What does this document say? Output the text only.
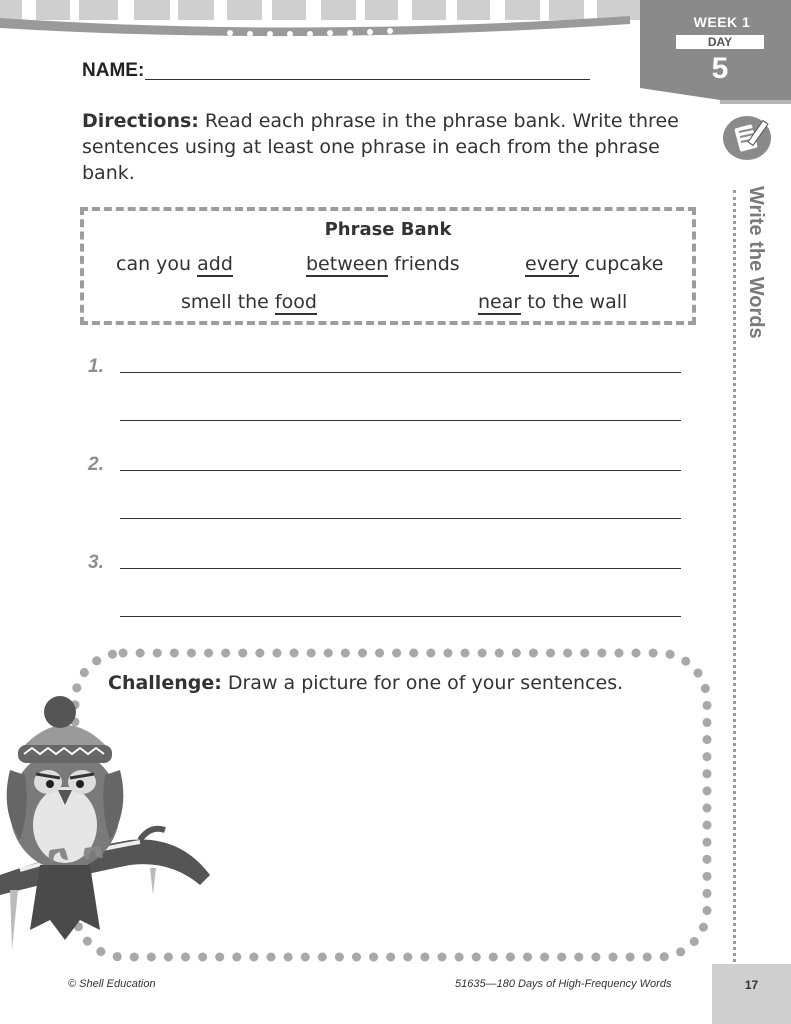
WEEK 1
DAY
5
Write the Words
NAME:
Directions: Read each phrase in the phrase bank. Write three sentences using at least one phrase in each from the phrase bank.
Phrase Bank
can you add	between friends	every cupcake
smell the food	near to the wall
1.
2.
3.
Challenge: Draw a picture for one of your sentences.
© Shell Education	51635—180 Days of High-Frequency Words	17
